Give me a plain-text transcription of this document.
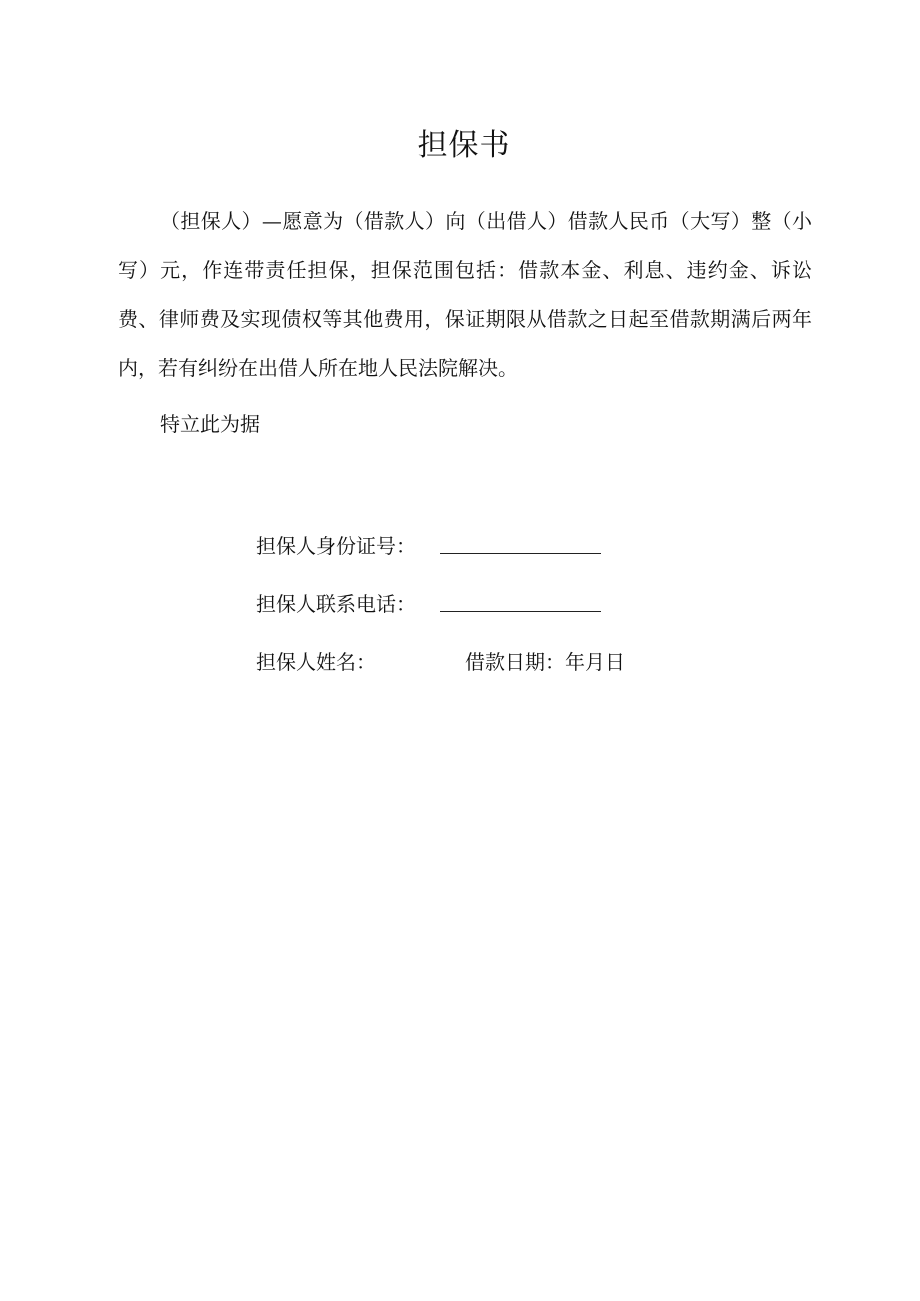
担保书

（担保人）—愿意为（借款人）向（出借人）借款人民币（大写）整（小写）元，作连带责任担保，担保范围包括：借款本金、利息、违约金、诉讼费、律师费及实现债权等其他费用，保证期限从借款之日起至借款期满后两年内，若有纠纷在出借人所在地人民法院解决。

特立此为据

担保人身份证号：
担保人联系电话：
担保人姓名：	借款日期：年月日
